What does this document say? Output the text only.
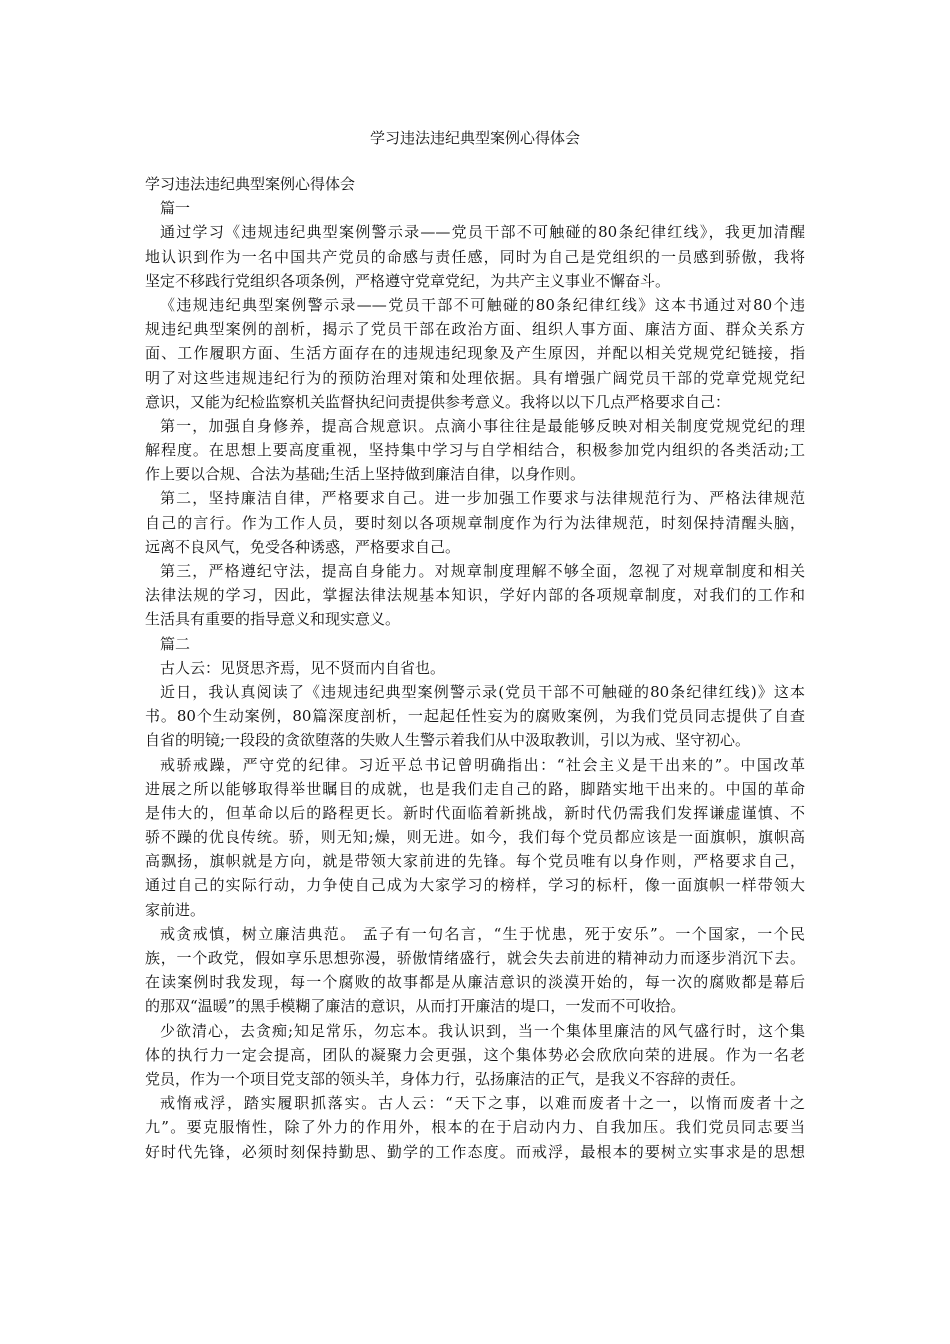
学习违法违纪典型案例心得体会

学习违法违纪典型案例心得体会

篇一

通过学习《违规违纪典型案例警示录——党员干部不可触碰的80条纪律红线》，我更加清醒

地认识到作为一名中国共产党员的命感与责任感，同时为自己是党组织的一员感到骄傲，我将

坚定不移践行党组织各项条例，严格遵守党章党纪，为共产主义事业不懈奋斗。

《违规违纪典型案例警示录——党员干部不可触碰的80条纪律红线》这本书通过对80个违

规违纪典型案例的剖析，揭示了党员干部在政治方面、组织人事方面、廉洁方面、群众关系方

面、工作履职方面、生活方面存在的违规违纪现象及产生原因，并配以相关党规党纪链接，指

明了对这些违规违纪行为的预防治理对策和处理依据。具有增强广阔党员干部的党章党规党纪

意识，又能为纪检监察机关监督执纪问责提供参考意义。我将以以下几点严格要求自己：

第一，加强自身修养，提高合规意识。点滴小事往往是最能够反映对相关制度党规党纪的理

解程度。在思想上要高度重视，坚持集中学习与自学相结合，积极参加党内组织的各类活动;工

作上要以合规、合法为基础;生活上坚持做到廉洁自律，以身作则。

第二，坚持廉洁自律，严格要求自己。进一步加强工作要求与法律规范行为、严格法律规范

自己的言行。作为工作人员，要时刻以各项规章制度作为行为法律规范，时刻保持清醒头脑，

远离不良风气，免受各种诱惑，严格要求自己。

第三，严格遵纪守法，提高自身能力。对规章制度理解不够全面，忽视了对规章制度和相关

法律法规的学习，因此，掌握法律法规基本知识，学好内部的各项规章制度，对我们的工作和

生活具有重要的指导意义和现实意义。

篇二

古人云：见贤思齐焉，见不贤而内自省也。

近日，我认真阅读了《违规违纪典型案例警示录(党员干部不可触碰的80条纪律红线)》这本

书。80个生动案例，80篇深度剖析，一起起任性妄为的腐败案例，为我们党员同志提供了自查

自省的明镜;一段段的贪欲堕落的失败人生警示着我们从中汲取教训，引以为戒、坚守初心。

戒骄戒躁，严守党的纪律。习近平总书记曾明确指出：“社会主义是干出来的”。中国改革

进展之所以能够取得举世瞩目的成就，也是我们走自己的路，脚踏实地干出来的。中国的革命

是伟大的，但革命以后的路程更长。新时代面临着新挑战，新时代仍需我们发挥谦虚谨慎、不

骄不躁的优良传统。骄，则无知;燥，则无进。如今，我们每个党员都应该是一面旗帜，旗帜高

高飘扬，旗帜就是方向，就是带领大家前进的先锋。每个党员唯有以身作则，严格要求自己，

通过自己的实际行动，力争使自己成为大家学习的榜样，学习的标杆，像一面旗帜一样带领大

家前进。

戒贪戒慎，树立廉洁典范。 孟子有一句名言，“生于忧患，死于安乐”。一个国家，一个民

族，一个政党，假如享乐思想弥漫，骄傲情绪盛行，就会失去前进的精神动力而逐步消沉下去。

在读案例时我发现，每一个腐败的故事都是从廉洁意识的淡漠开始的，每一次的腐败都是幕后

的那双“温暖”的黑手模糊了廉洁的意识，从而打开廉洁的堤口，一发而不可收拾。

少欲清心，去贪痴;知足常乐，勿忘本。我认识到，当一个集体里廉洁的风气盛行时，这个集

体的执行力一定会提高，团队的凝聚力会更强，这个集体势必会欣欣向荣的进展。作为一名老

党员，作为一个项目党支部的领头羊，身体力行，弘扬廉洁的正气，是我义不容辞的责任。

戒惰戒浮，踏实履职抓落实。古人云：“天下之事，以难而废者十之一，以惰而废者十之

九”。要克服惰性，除了外力的作用外，根本的在于启动内力、自我加压。我们党员同志要当

好时代先锋，必须时刻保持勤思、勤学的工作态度。而戒浮，最根本的要树立实事求是的思想
